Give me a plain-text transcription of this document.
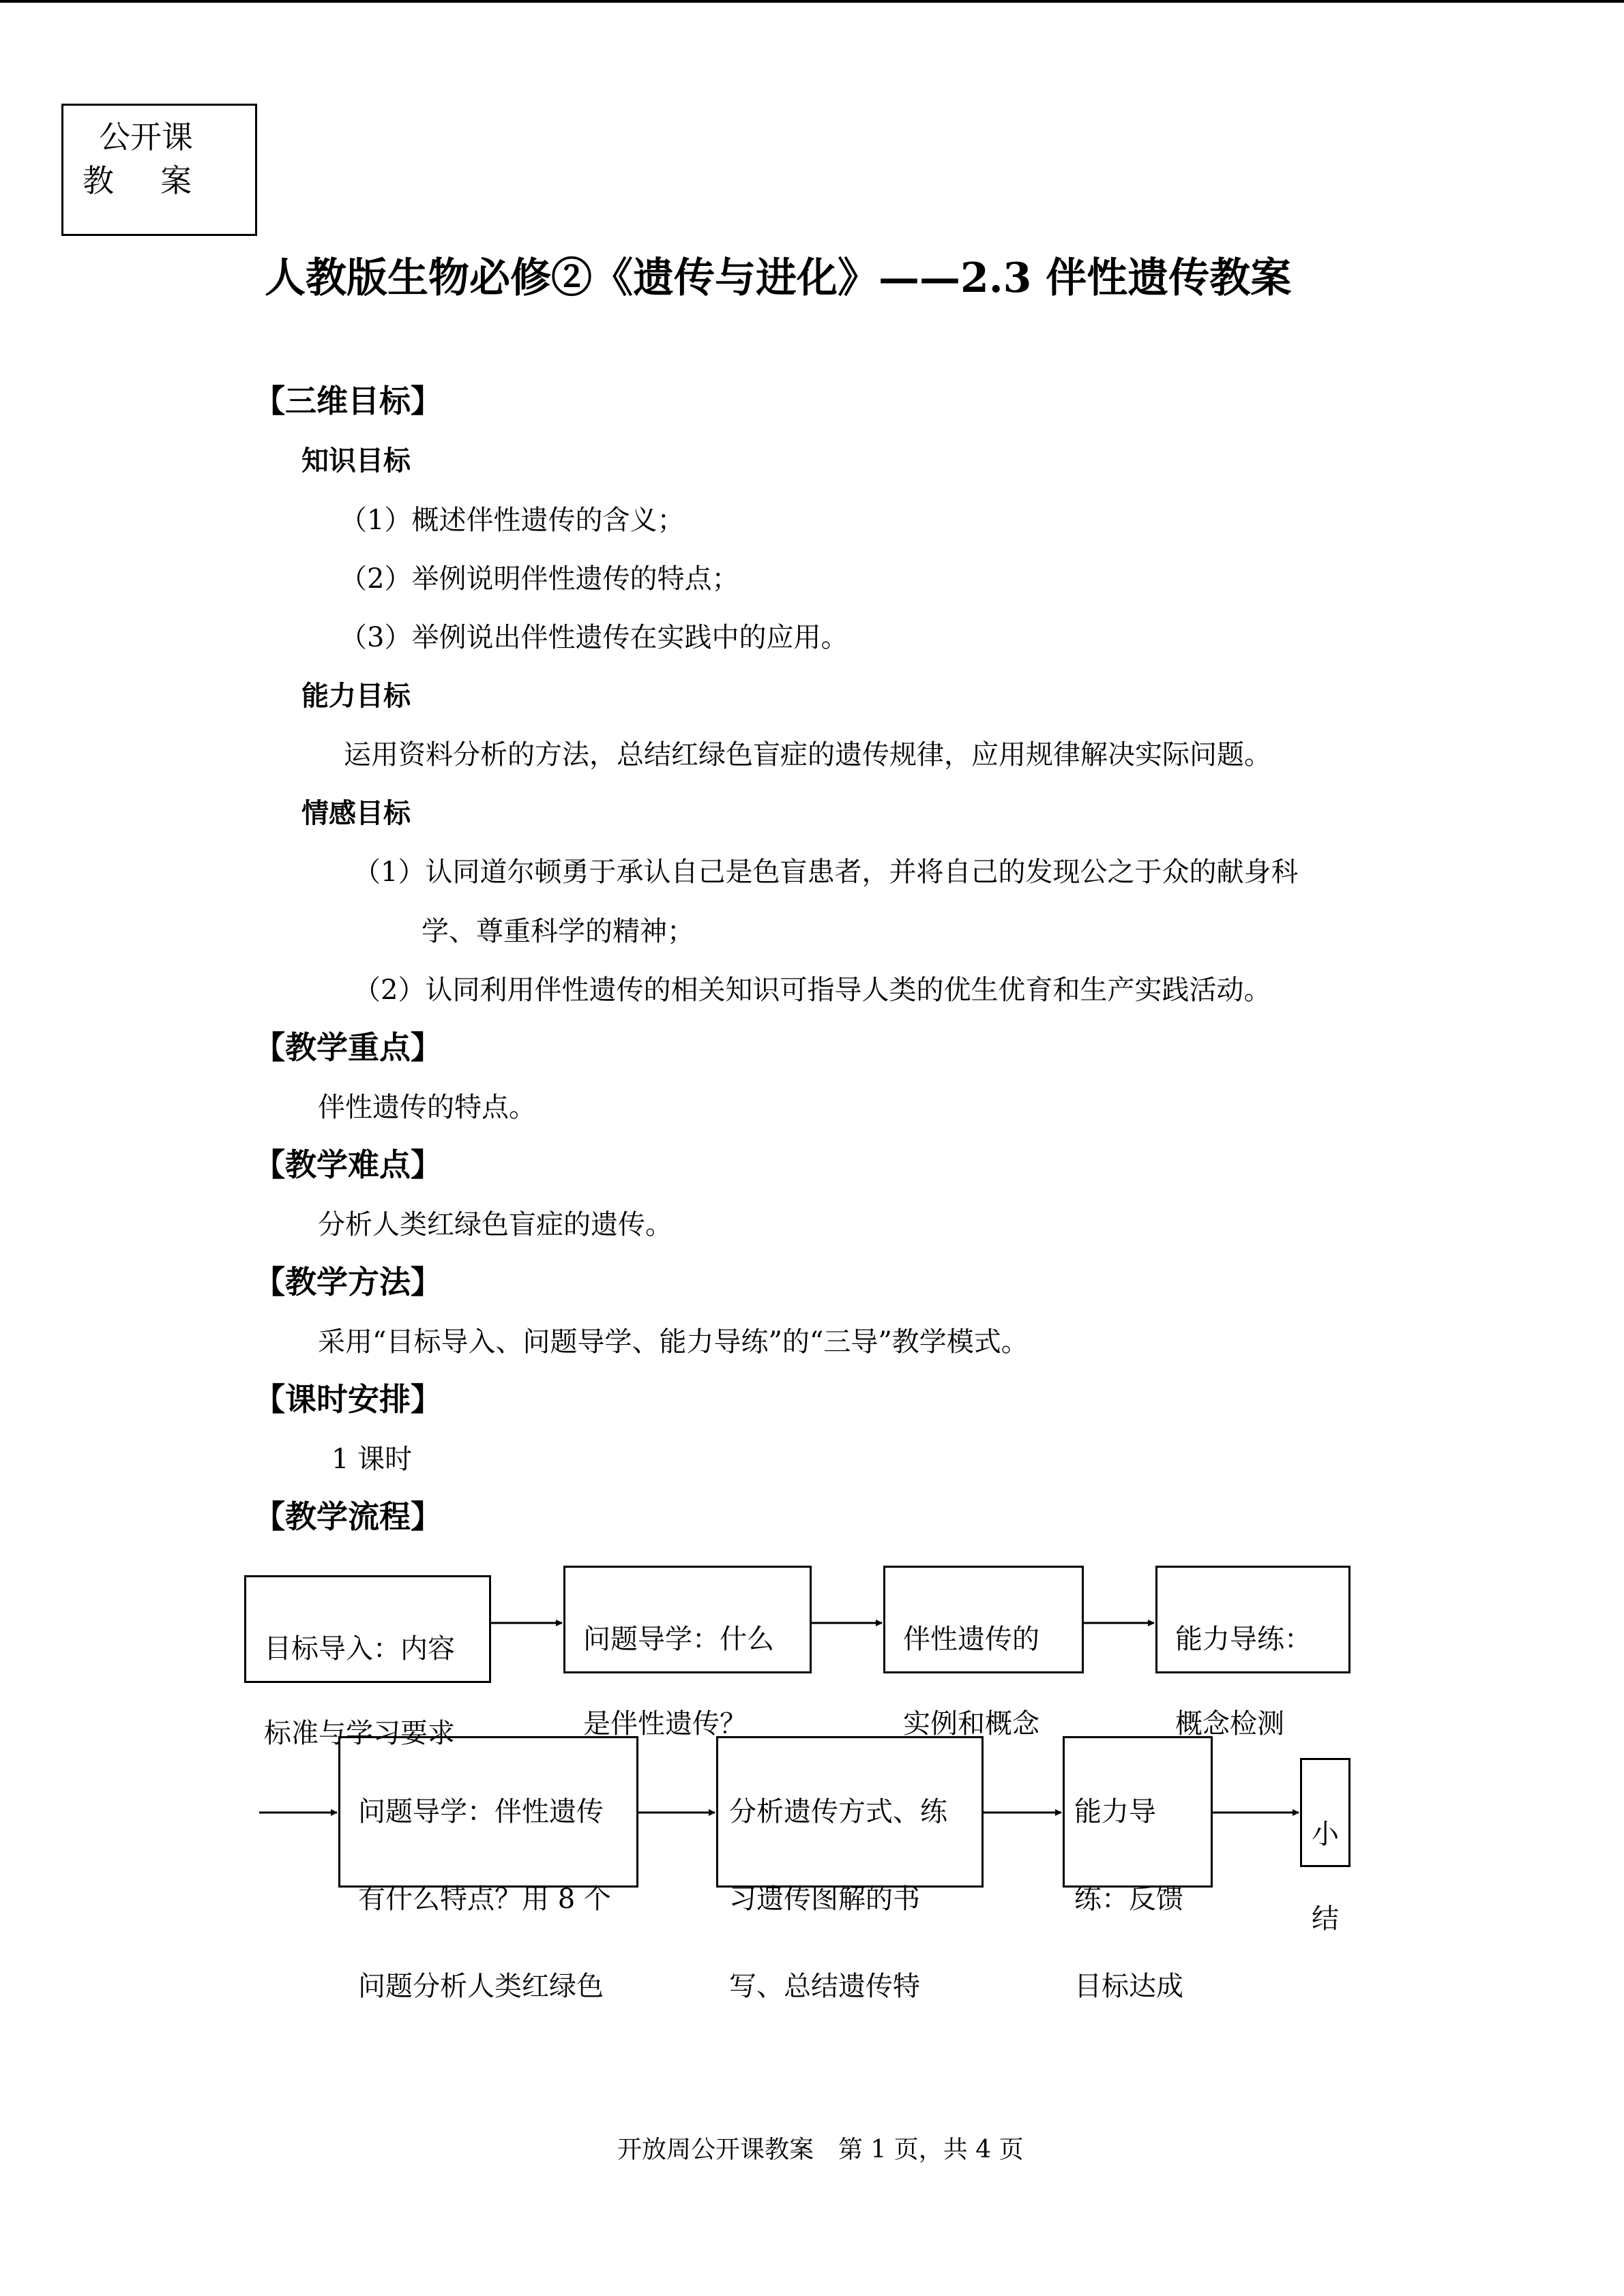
公开课
教案
人教版生物必修②《遗传与进化》——2.3 伴性遗传教案
【三维目标】
知识目标
（1）概述伴性遗传的含义；
（2）举例说明伴性遗传的特点；
（3）举例说出伴性遗传在实践中的应用。
能力目标
运用资料分析的方法，总结红绿色盲症的遗传规律，应用规律解决实际问题。
情感目标
（1）认同道尔顿勇于承认自己是色盲患者，并将自己的发现公之于众的献身科
学、尊重科学的精神；
（2）认同利用伴性遗传的相关知识可指导人类的优生优育和生产实践活动。
【教学重点】
伴性遗传的特点。
【教学难点】
分析人类红绿色盲症的遗传。
【教学方法】
采用“目标导入、问题导学、能力导练”的“三导”教学模式。
【课时安排】
1 课时
【教学流程】

目标导入：内容

标准与学习要求

问题导学：什么

是伴性遗传？

伴性遗传的

实例和概念

能力导练：

概念检测

问题导学：伴性遗传

有什么特点？用 8 个

问题分析人类红绿色

分析遗传方式、练

习遗传图解的书

写、总结遗传特

能力导

练：反馈

目标达成

小

结

开放周公开课教案　第 1 页，共 4 页
